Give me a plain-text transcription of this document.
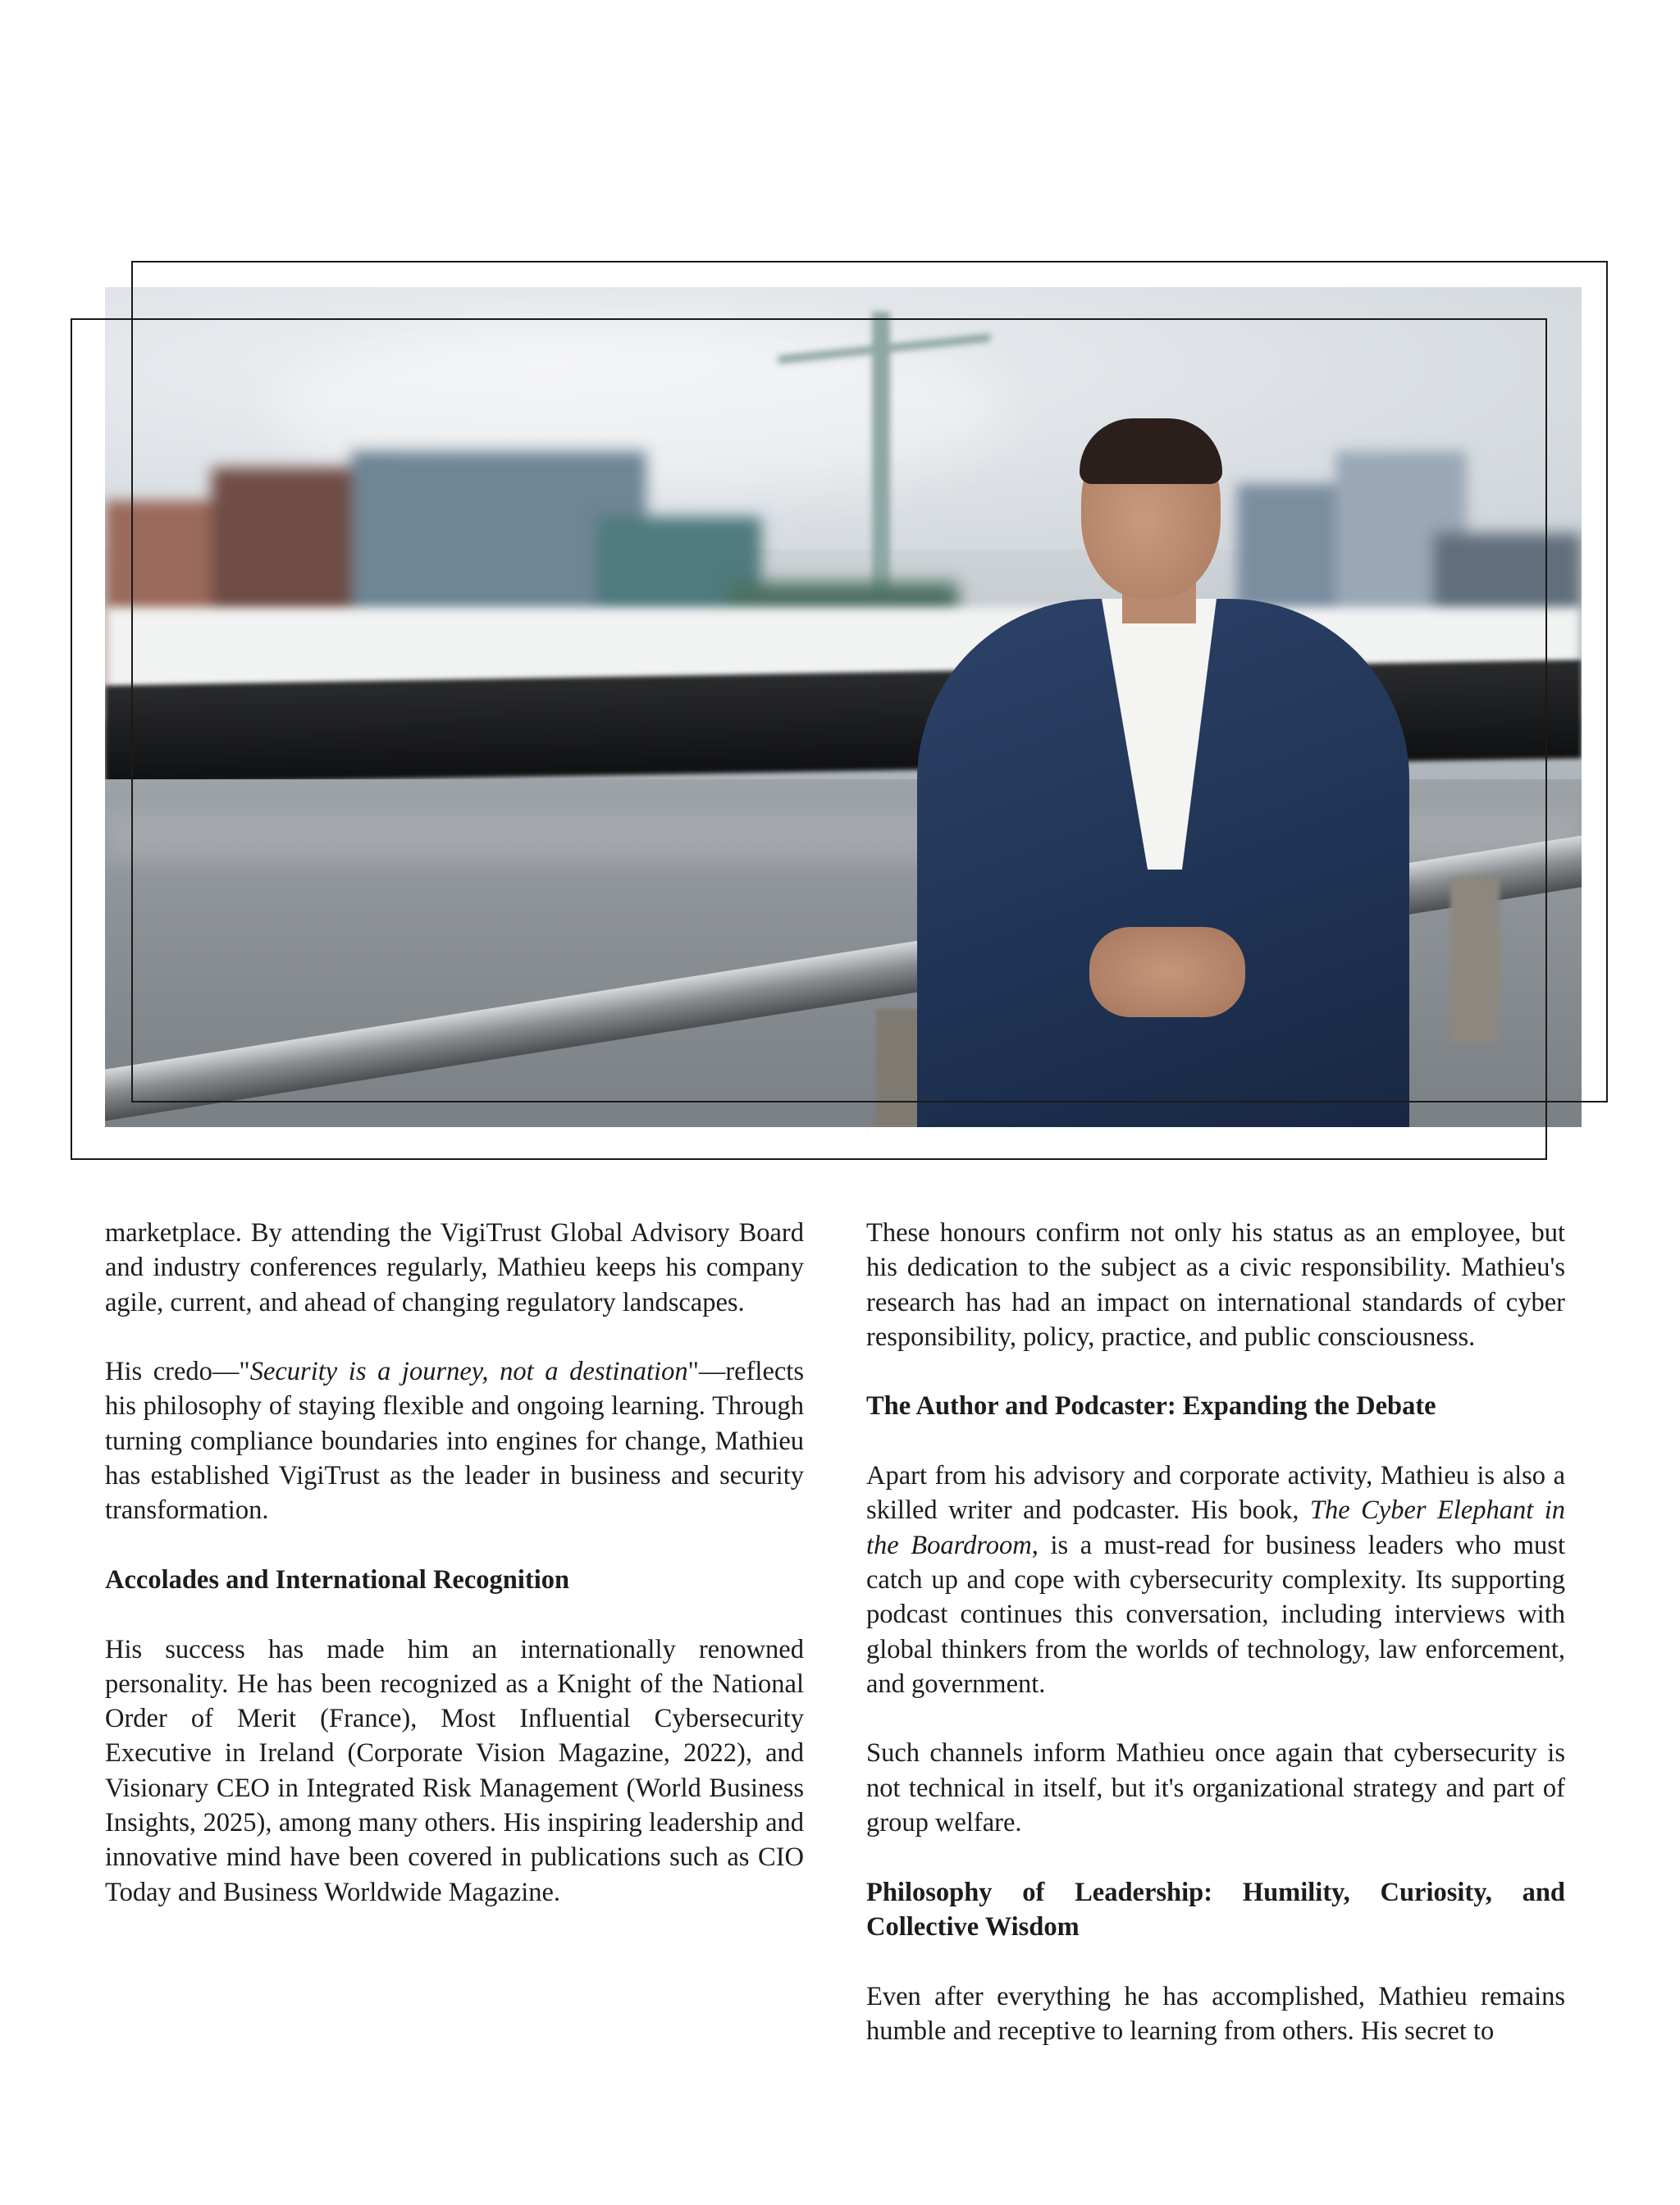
marketplace. By attending the VigiTrust Global Advisory Board and industry conferences regularly, Mathieu keeps his company agile, current, and ahead of changing regulatory landscapes.

His credo—"Security is a journey, not a destination"—reflects his philosophy of staying flexible and ongoing learning. Through turning compliance boundaries into engines for change, Mathieu has established VigiTrust as the leader in business and security transformation.

Accolades and International Recognition

His success has made him an internationally renowned personality. He has been recognized as a Knight of the National Order of Merit (France), Most Influential Cybersecurity Executive in Ireland (Corporate Vision Magazine, 2022), and Visionary CEO in Integrated Risk Management (World Business Insights, 2025), among many others. His inspiring leadership and innovative mind have been covered in publications such as CIO Today and Business Worldwide Magazine.

These honours confirm not only his status as an employee, but his dedication to the subject as a civic responsibility. Mathieu's research has had an impact on international standards of cyber responsibility, policy, practice, and public consciousness.

The Author and Podcaster: Expanding the Debate

Apart from his advisory and corporate activity, Mathieu is also a skilled writer and podcaster. His book, The Cyber Elephant in the Boardroom, is a must-read for business leaders who must catch up and cope with cybersecurity complexity. Its supporting podcast continues this conversation, including interviews with global thinkers from the worlds of technology, law enforcement, and government.

Such channels inform Mathieu once again that cybersecurity is not technical in itself, but it's organizational strategy and part of group welfare.

Philosophy of Leadership: Humility, Curiosity, and Collective Wisdom

Even after everything he has accomplished, Mathieu remains humble and receptive to learning from others. His secret to
